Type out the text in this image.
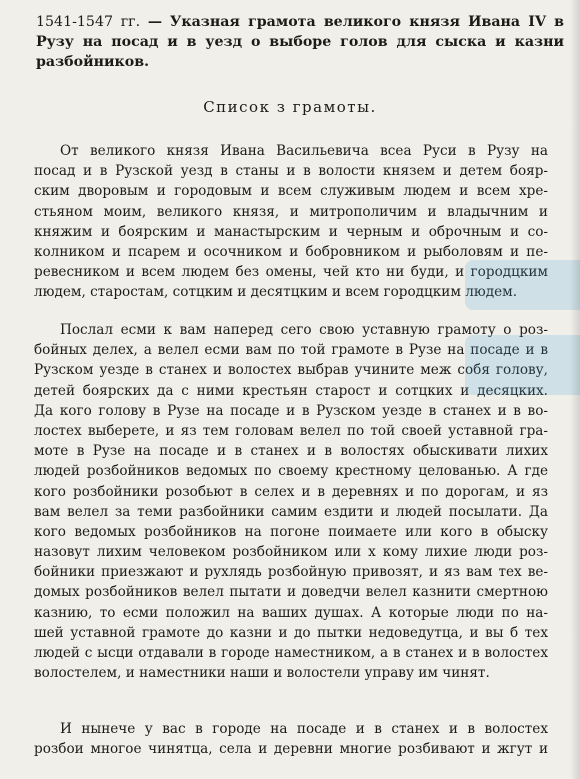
1541-1547 гг. — Указная грамота великого князя Ивана IV в Рузу на посад и в уезд о выборе голов для сыска и казни разбойников.
Список з грамоты.
От великого князя Ивана Васильевича всеа Руси в Рузу на
посад и в Рузской уезд в станы и в волости князем и детем бояр-
ским дворовым и городовым и всем служивым людем и всем хре-
стьяном моим, великого князя, и митрополичим и владычним и
княжим и боярским и манастырским и черным и оброчным и со-
колником и псарем и осочником и бобровником и рыболовям и пе-
ревесником и всем людем без омены, чей кто ни буди, и городцким
людем, старостам, сотцким и десятцким и всем городцким людем.
Послал есми к вам наперед сего свою уставную грамоту о роз-
бойных делех, а велел есми вам по той грамоте в Рузе на посаде и в
Рузском уезде в станех и волостех выбрав учините меж собя голову,
детей боярских да с ними крестьян старост и сотцких и десяцких.
Да кого голову в Рузе на посаде и в Рузском уезде в станех и в во-
лостех выберете, и яз тем головам велел по той своей уставной гра-
моте в Рузе на посаде и в станех и в волостях обыскивати лихих
людей розбойников ведомых по своему крестному целованью. А где
кого розбойники розобьют в селех и в деревнях и по дорогам, и яз
вам велел за теми разбойники самим ездити и людей посылати. Да
кого ведомых розбойников на погоне поимаете или кого в обыску
назовут лихим человеком розбойником или х кому лихие люди роз-
бойники приезжают и рухлядь розбойную привозят, и яз вам тех ве-
домых розбойников велел пытати и доведчи велел казнити смертною
казнию, то есми положил на ваших душах. А которые люди по на-
шей уставной грамоте до казни и до пытки недоведутца, и вы б тех
людей с ысци отдавали в городе наместником, а в станех и в волостех
волостелем, и наместники наши и волостели управу им чинят.
И нынече у вас в городе на посаде и в станех и в волостех
розбои многое чинятца, села и деревни многие розбивают и жгут и
